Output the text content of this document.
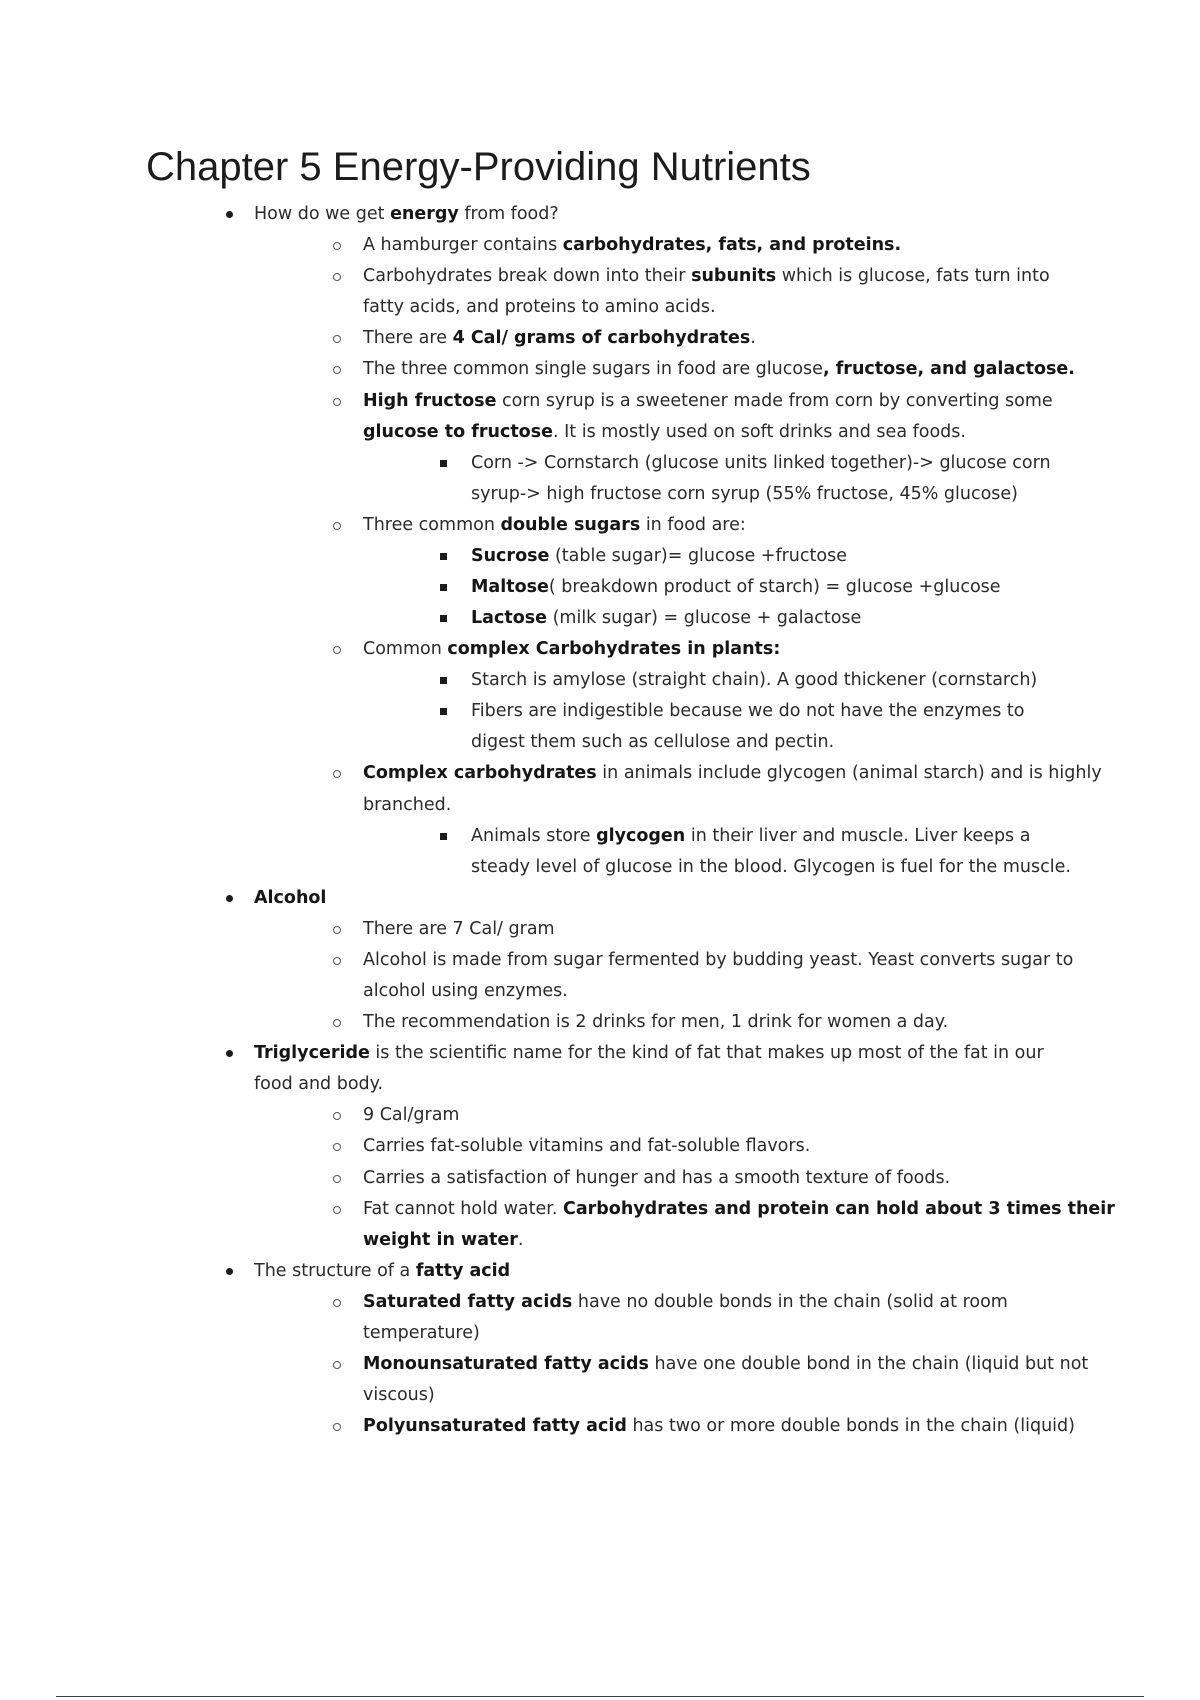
Chapter 5 Energy-Providing Nutrients
How do we get energy from food?
A hamburger contains carbohydrates, fats, and proteins.
Carbohydrates break down into their subunits which is glucose, fats turn into
fatty acids, and proteins to amino acids.
There are 4 Cal/ grams of carbohydrates.
The three common single sugars in food are glucose, fructose, and galactose.
High fructose corn syrup is a sweetener made from corn by converting some
glucose to fructose. It is mostly used on soft drinks and sea foods.
Corn -> Cornstarch (glucose units linked together)-> glucose corn
syrup-> high fructose corn syrup (55% fructose, 45% glucose)
Three common double sugars in food are:
Sucrose (table sugar)= glucose +fructose
Maltose( breakdown product of starch) = glucose +glucose
Lactose (milk sugar) = glucose + galactose
Common complex Carbohydrates in plants:
Starch is amylose (straight chain). A good thickener (cornstarch)
Fibers are indigestible because we do not have the enzymes to
digest them such as cellulose and pectin.
Complex carbohydrates in animals include glycogen (animal starch) and is highly
branched.
Animals store glycogen in their liver and muscle. Liver keeps a
steady level of glucose in the blood. Glycogen is fuel for the muscle.
Alcohol
There are 7 Cal/ gram
Alcohol is made from sugar fermented by budding yeast. Yeast converts sugar to
alcohol using enzymes.
The recommendation is 2 drinks for men, 1 drink for women a day.
Triglyceride is the scientific name for the kind of fat that makes up most of the fat in our
food and body.
9 Cal/gram
Carries fat-soluble vitamins and fat-soluble flavors.
Carries a satisfaction of hunger and has a smooth texture of foods.
Fat cannot hold water. Carbohydrates and protein can hold about 3 times their
weight in water.
The structure of a fatty acid
Saturated fatty acids have no double bonds in the chain (solid at room
temperature)
Monounsaturated fatty acids have one double bond in the chain (liquid but not
viscous)
Polyunsaturated fatty acid has two or more double bonds in the chain (liquid)
